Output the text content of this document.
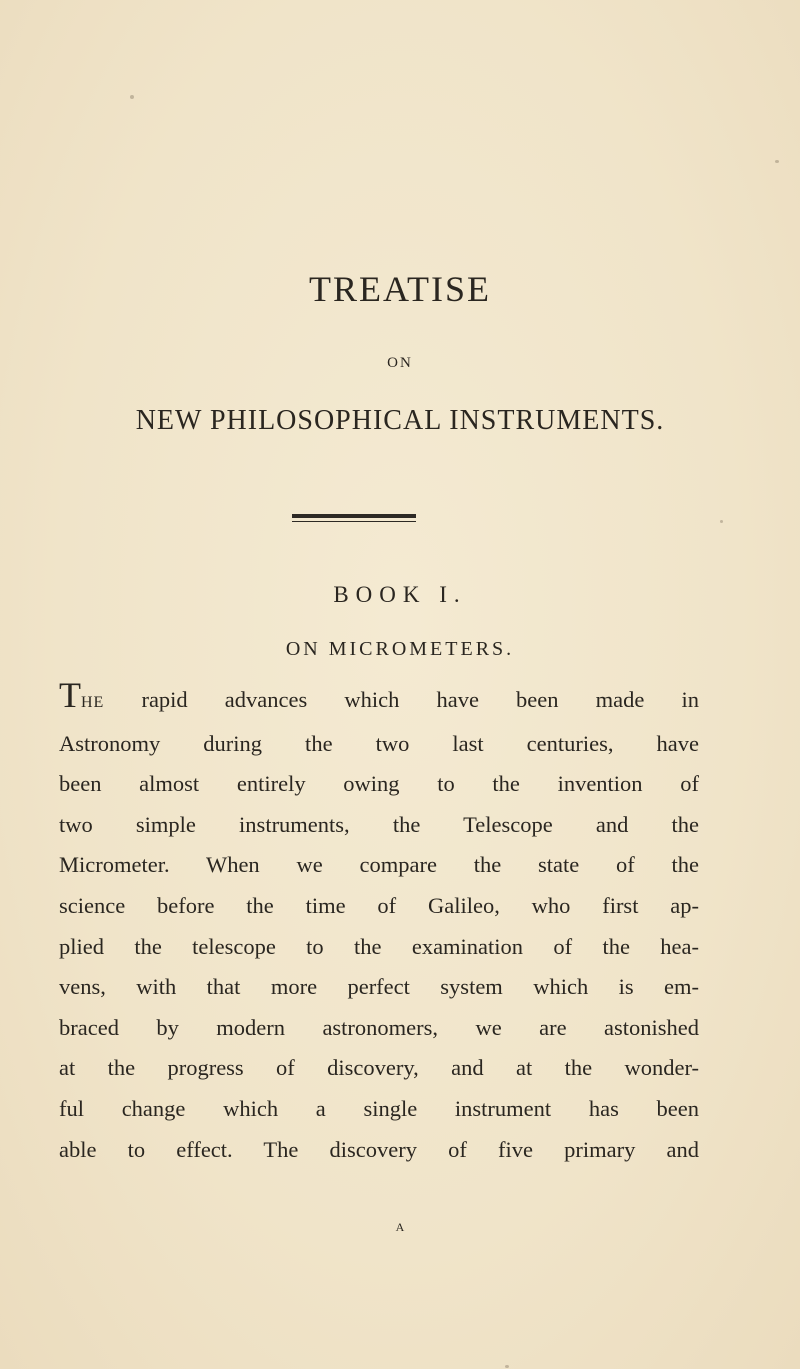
TREATISE
ON
NEW PHILOSOPHICAL INSTRUMENTS.
BOOK I.
ON MICROMETERS.
THE rapid advances which have been made in
Astronomy during the two last centuries, have
been almost entirely owing to the invention of
two simple instruments, the Telescope and the
Micrometer. When we compare the state of the
science before the time of Galileo, who first ap-
plied the telescope to the examination of the hea-
vens, with that more perfect system which is em-
braced by modern astronomers, we are astonished
at the progress of discovery, and at the wonder-
ful change which a single instrument has been
able to effect. The discovery of five primary and
A
